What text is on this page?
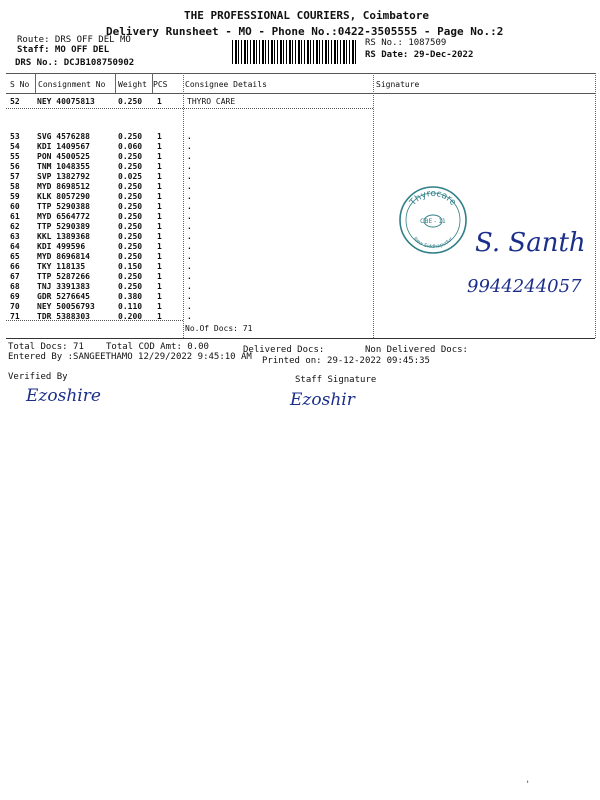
THE PROFESSIONAL COURIERS, Coimbatore
Delivery Runsheet - MO - Phone No.:0422-3505555 - Page No.:2
Route: DRS OFF DEL MO
Staff: MO OFF DEL
DRS No.: DCJB108750902
RS No.: 1087509
RS Date: 29-Dec-2022
S No Consignment No Weight PCS Consignee Details	Signature
52 NEY 40075813	0.250 1	THYRO CARE
53 SVG 4576288	0.250 1	.
54 KDI 1409567	0.060 1	.
55 PON 4500525	0.250 1	.
56 TNM 1048355	0.250 1	.
57 SVP 1382792	0.025 1	.
58 MYD 8698512	0.250 1	.
59 KLK 8057290	0.250 1	.
60 TTP 5290388	0.250 1	.
61 MYD 6564772	0.250 1	.
62 TTP 5290389	0.250 1	.
63 KKL 1389368	0.250 1	.
64 KDI 499596	0.250 1	.
65 MYD 8696814	0.250 1	.
66 TKY 118135	0.150 1	.
67 TTP 5287266	0.250 1	.
68 TNJ 3391383	0.250 1	.
69 GDR 5276645	0.380 1	.
70 NEY 50056793	0.110 1	.
71 TDR 5388303	0.200 1	.
No.Of Docs: 71
Total Docs: 71 Total COD Amt: 0.00	Delivered Docs:	Non Delivered Docs:
Entered By :SANGEETHAMO 12/29/2022 9:45:10 AM Printed on: 29-12-2022 09:45:35
Verified By	Staff Signature
Ezoshire	Ezoshir
Thyrocare
CBE - 11
New Siddhapudur S. Santh
9944244057
'
